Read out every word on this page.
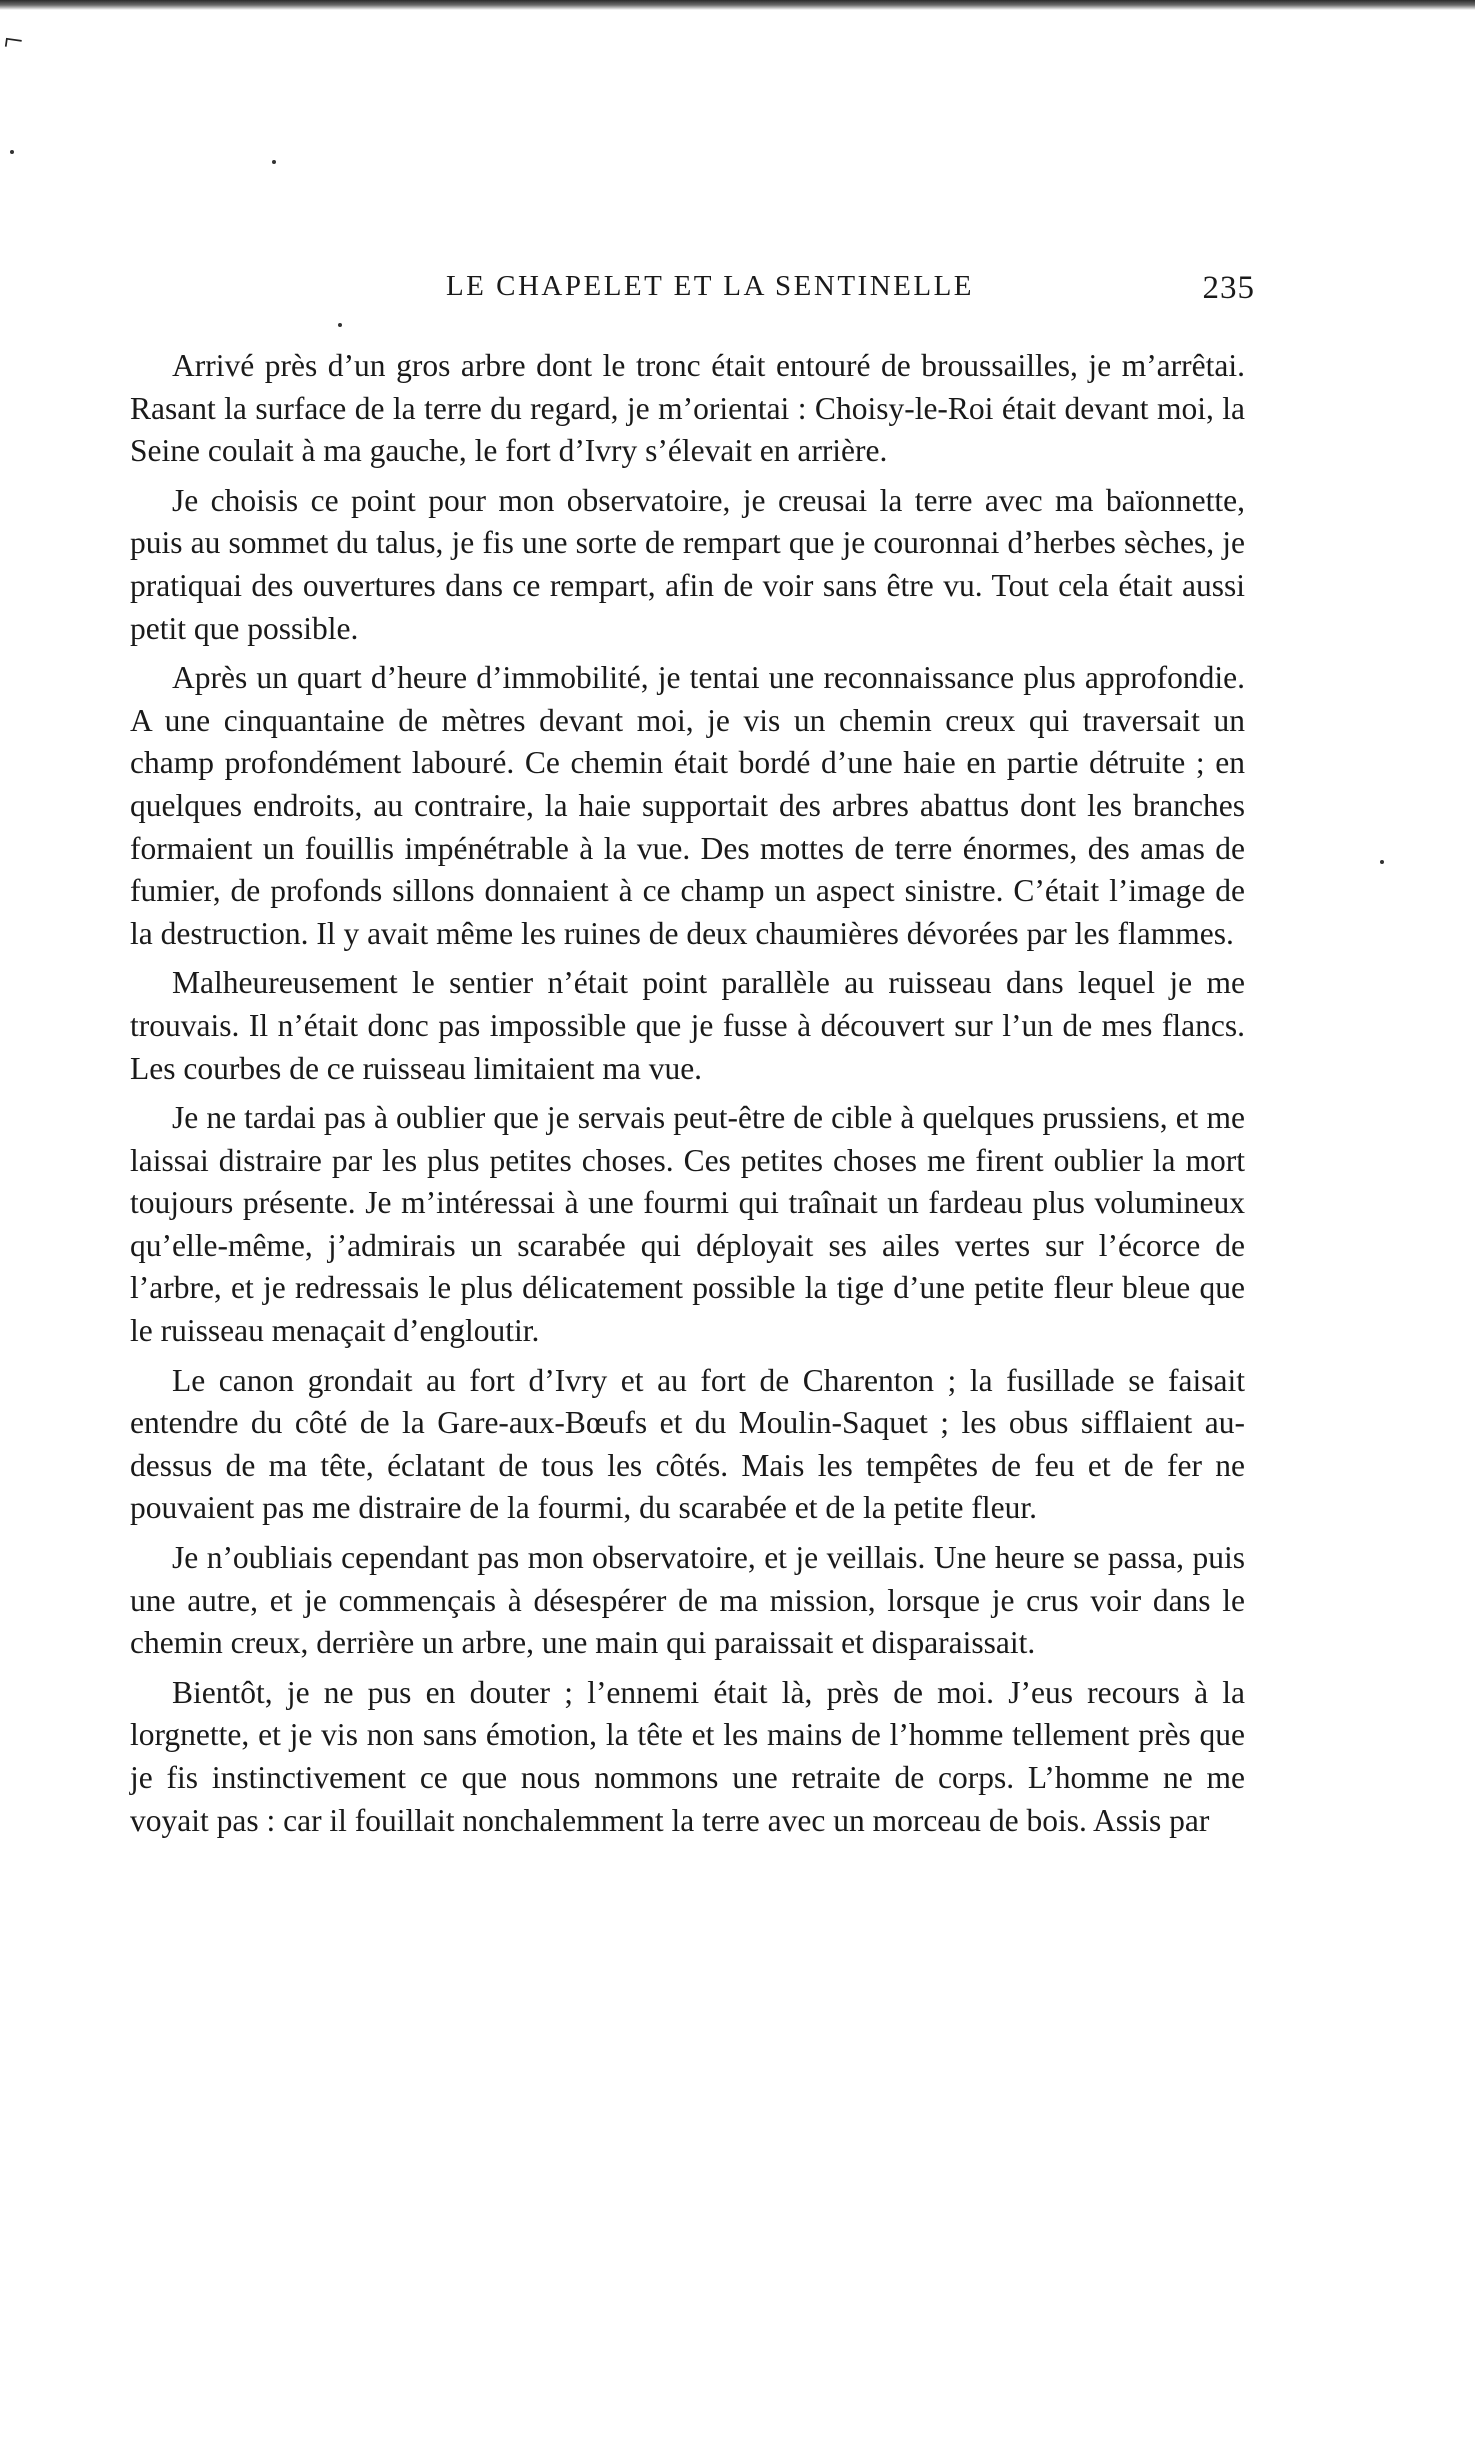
⌐
LE CHAPELET ET LA SENTINELLE	235

Arrivé près d’un gros arbre dont le tronc était entouré de broussailles, je m’arrêtai. Rasant la surface de la terre du regard, je m’orientai : Choisy-le-Roi était devant moi, la Seine coulait à ma gauche, le fort d’Ivry s’élevait en arrière.

Je choisis ce point pour mon observatoire, je creusai la terre avec ma baïonnette, puis au sommet du talus, je fis une sorte de rempart que je couronnai d’herbes sèches, je pratiquai des ouvertures dans ce rempart, afin de voir sans être vu. Tout cela était aussi petit que possible.

Après un quart d’heure d’immobilité, je tentai une reconnaissance plus approfondie. A une cinquantaine de mètres devant moi, je vis un chemin creux qui traversait un champ profondément labouré. Ce chemin était bordé d’une haie en partie détruite ; en quelques endroits, au contraire, la haie supportait des arbres abattus dont les branches formaient un fouillis impénétrable à la vue. Des mottes de terre énormes, des amas de fumier, de profonds sillons donnaient à ce champ un aspect sinistre. C’était l’image de la destruction. Il y avait même les ruines de deux chaumières dévorées par les flammes.

Malheureusement le sentier n’était point parallèle au ruisseau dans lequel je me trouvais. Il n’était donc pas impossible que je fusse à découvert sur l’un de mes flancs. Les courbes de ce ruisseau limitaient ma vue.

Je ne tardai pas à oublier que je servais peut-être de cible à quelques prussiens, et me laissai distraire par les plus petites choses. Ces petites choses me firent oublier la mort toujours présente. Je m’intéressai à une fourmi qui traînait un fardeau plus volumineux qu’elle-même, j’admirais un scarabée qui déployait ses ailes vertes sur l’écorce de l’arbre, et je redressais le plus délicatement possible la tige d’une petite fleur bleue que le ruisseau menaçait d’engloutir.

Le canon grondait au fort d’Ivry et au fort de Charenton ; la fusillade se faisait entendre du côté de la Gare-aux-Bœufs et du Moulin-Saquet ; les obus sifflaient au-dessus de ma tête, éclatant de tous les côtés. Mais les tempêtes de feu et de fer ne pouvaient pas me distraire de la fourmi, du scarabée et de la petite fleur.

Je n’oubliais cependant pas mon observatoire, et je veillais. Une heure se passa, puis une autre, et je commençais à désespérer de ma mission, lorsque je crus voir dans le chemin creux, derrière un arbre, une main qui paraissait et disparaissait.

Bientôt, je ne pus en douter ; l’ennemi était là, près de moi. J’eus recours à la lorgnette, et je vis non sans émotion, la tête et les mains de l’homme tellement près que je fis instinctivement ce que nous nommons une retraite de corps. L’homme ne me voyait pas : car il fouillait nonchalemment la terre avec un morceau de bois. Assis par
